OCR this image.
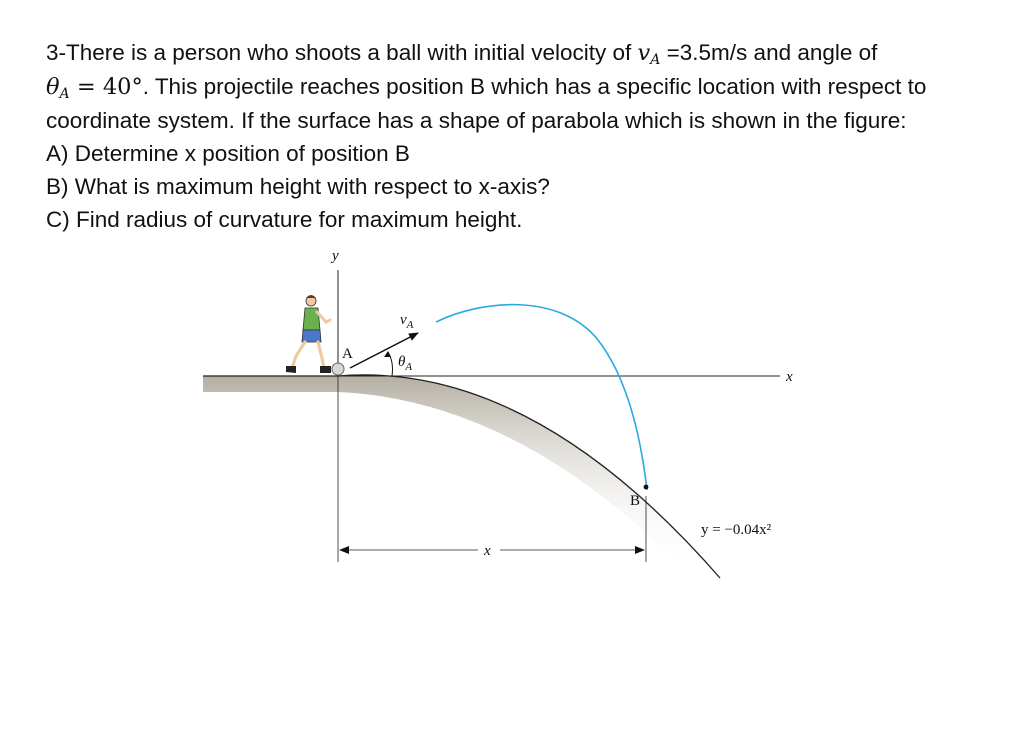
3-There is a person who shoots a ball with initial velocity of $v_A =3.5m/s$ and angle of

$\theta_A = 40^\circ$. This projectile reaches position B which has a specific location with respect to

coordinate system. If the surface has a shape of parabola which is shown in the figure:

A) Determine x position of position B

B) What is maximum height with respect to x-axis?

C) Find radius of curvature for maximum height.

x
y
x
$v_A$
$\theta_A$
A
B
y = −0.04x²
